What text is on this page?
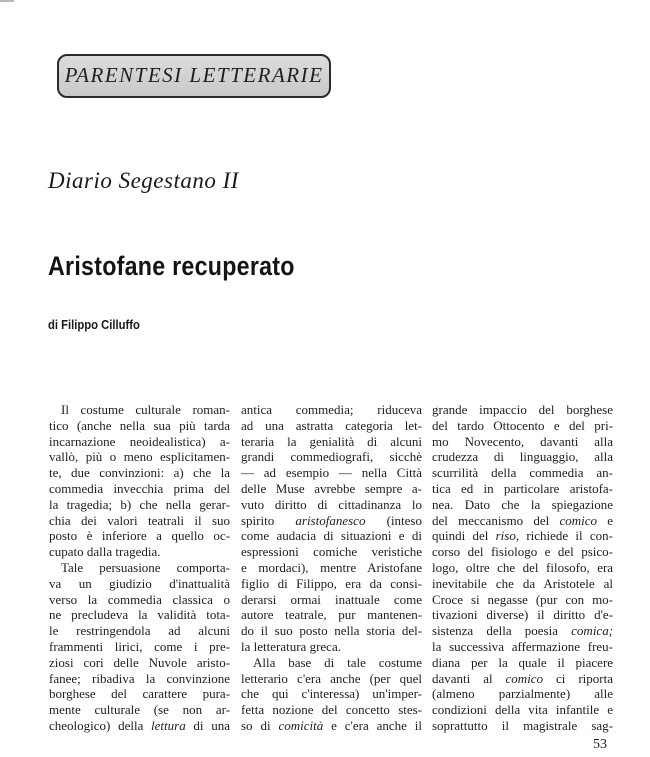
PARENTESI LETTERARIE
Diario Segestano II
Aristofane recuperato
di Filippo Cilluffo
Il costume culturale roman-
tico (anche nella sua più tarda
incarnazione neoidealistica) a-
vallò, più o meno esplicitamen-
te, due convinzioni: a) che la
commedia invecchia prima del
la tragedia; b) che nella gerar-
chia dei valori teatrali il suo
posto è inferiore a quello oc-
cupato dalla tragedia.
Tale persuasione comporta-
va un giudizio d'inattualità
verso la commedia classica o
ne precludeva la validità tota-
le restringendola ad alcuni
frammenti lirici, come i pre-
ziosi cori delle Nuvole aristo-
fanee; ribadiva la convinzione
borghese del carattere pura-
mente culturale (se non ar-
cheologico) della lettura di una
antica commedia; riduceva
ad una astratta categoria let-
teraria la genialità di alcuni
grandi commediografi, sicchè
— ad esempio — nella Città
delle Muse avrebbe sempre a-
vuto diritto di cittadinanza lo
spirito aristofanesco (inteso
come audacia di situazioni e di
espressioni comiche veristiche
e mordaci), mentre Aristofane
figlio di Filippo, era da consi-
derarsi ormai inattuale come
autore teatrale, pur mantenen-
do il suo posto nella storia del-
la letteratura greca.
Alla base di tale costume
letterario c'era anche (per quel
che qui c'interessa) un'imper-
fetta nozione del concetto stes-
so di comicità e c'era anche il
grande impaccio del borghese
del tardo Ottocento e del pri-
mo Novecento, davanti alla
crudezza di linguaggio, alla
scurrilità della commedia an-
tica ed in particolare aristofa-
nea. Dato che la spiegazione
del meccanismo del comico e
quindi del riso, richiede il con-
corso del fisiologo e del psico-
logo, oltre che del filosofo, era
inevitabile che da Aristotele al
Croce si negasse (pur con mo-
tivazioni diverse) il diritto d'e-
sistenza della poesia comica;
la successiva affermazione freu-
diana per la quale il piacere
davanti al comico ci riporta
(almeno parzialmente) alle
condizioni della vita infantile e
soprattutto il magistrale sag-
53
